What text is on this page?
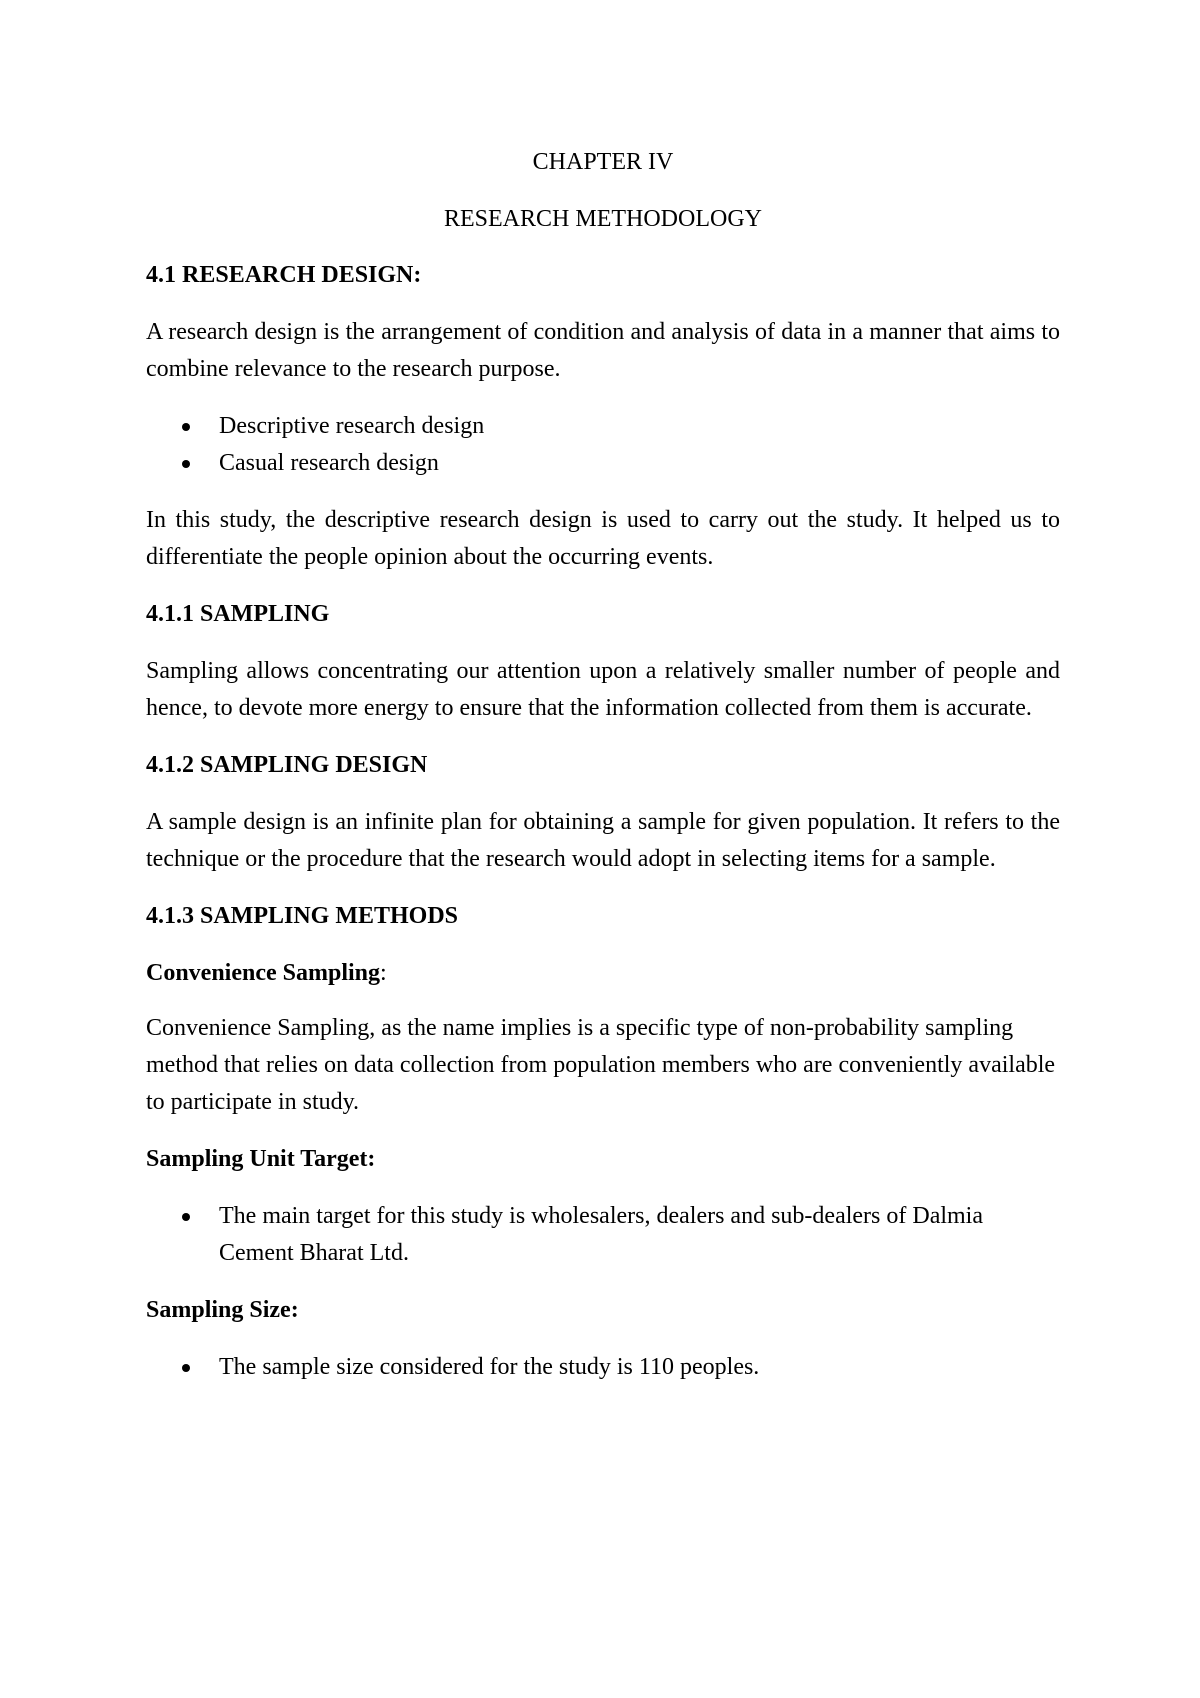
CHAPTER IV

RESEARCH METHODOLOGY

4.1 RESEARCH DESIGN:

A research design is the arrangement of condition and analysis of data in a manner that aims to combine relevance to the research purpose.

Descriptive research design
Casual research design

In this study, the descriptive research design is used to carry out the study. It helped us to differentiate the people opinion about the occurring events.

4.1.1 SAMPLING

Sampling allows concentrating our attention upon a relatively smaller number of people and hence, to devote more energy to ensure that the information collected from them is accurate.

4.1.2 SAMPLING DESIGN

A sample design is an infinite plan for obtaining a sample for given population. It refers to the technique or the procedure that the research would adopt in selecting items for a sample.

4.1.3 SAMPLING METHODS

Convenience Sampling:

Convenience Sampling, as the name implies is a specific type of non-probability sampling method that relies on data collection from population members who are conveniently available to participate in study.

Sampling Unit Target:

The main target for this study is wholesalers, dealers and sub-dealers of Dalmia Cement Bharat Ltd.

Sampling Size:

The sample size considered for the study is 110 peoples.
